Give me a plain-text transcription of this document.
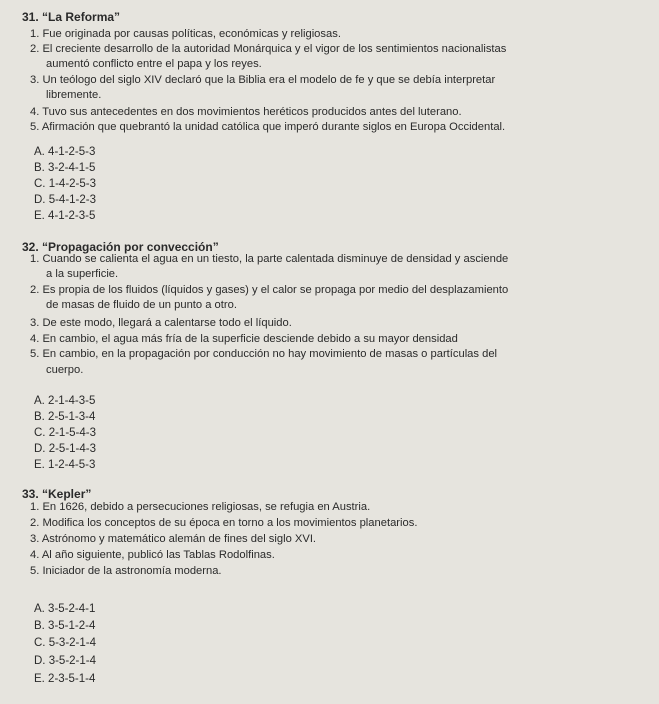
31. “La Reforma”
1. Fue originada por causas políticas, económicas y religiosas.
2. El creciente desarrollo de la autoridad Monárquica y el vigor de los sentimientos nacionalistas
aumentó conflicto entre el papa y los reyes.
3. Un teólogo del siglo XIV declaró que la Biblia era el modelo de fe y que se debía interpretar
libremente.
4. Tuvo sus antecedentes en dos movimientos heréticos producidos antes del luterano.
5. Afirmación que quebrantó la unidad católica que imperó durante siglos en Europa Occidental.
A. 4-1-2-5-3
B. 3-2-4-1-5
C. 1-4-2-5-3
D. 5-4-1-2-3
E. 4-1-2-3-5
32. “Propagación por convección”
1. Cuando se calienta el agua en un tiesto, la parte calentada disminuye de densidad y asciende
a la superficie.
2. Es propia de los fluidos (líquidos y gases) y el calor se propaga por medio del desplazamiento
de masas de fluido de un punto a otro.
3. De este modo, llegará a calentarse todo el líquido.
4. En cambio, el agua más fría de la superficie desciende debido a su mayor densidad
5. En cambio, en la propagación por conducción no hay movimiento de masas o partículas del
cuerpo.
A. 2-1-4-3-5
B. 2-5-1-3-4
C. 2-1-5-4-3
D. 2-5-1-4-3
E. 1-2-4-5-3
33. “Kepler”
1. En 1626, debido a persecuciones religiosas, se refugia en Austria.
2. Modifica los conceptos de su época en torno a los movimientos planetarios.
3. Astrónomo y matemático alemán de fines del siglo XVI.
4. Al año siguiente, publicó las Tablas Rodolfinas.
5. Iniciador de la astronomía moderna.
A. 3-5-2-4-1
B. 3-5-1-2-4
C. 5-3-2-1-4
D. 3-5-2-1-4
E. 2-3-5-1-4
